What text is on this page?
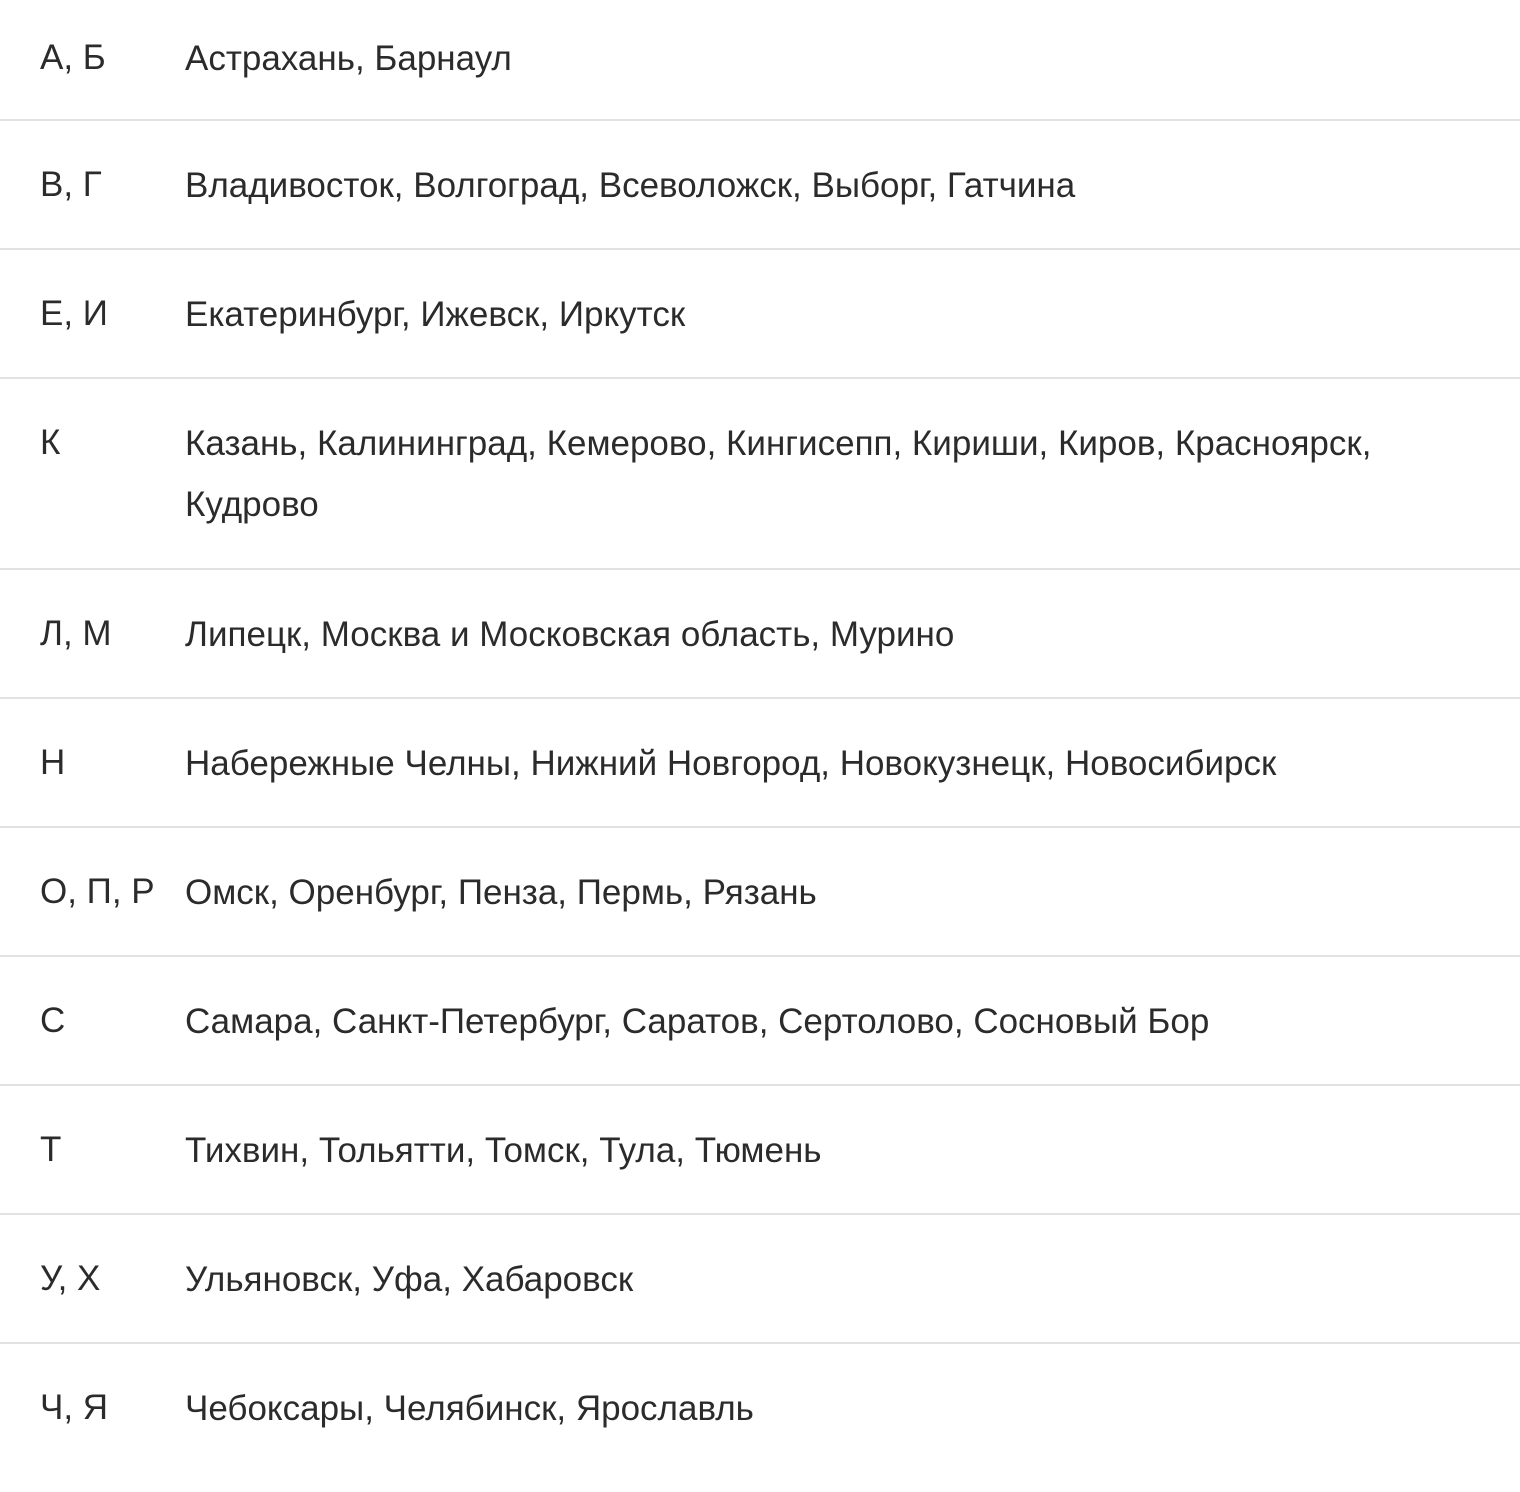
А, Б	Астрахань, Барнаул
В, Г	Владивосток, Волгоград, Всеволожск, Выборг, Гатчина
Е, И	Екатеринбург, Ижевск, Иркутск
К	Казань, Калининград, Кемерово, Кингисепп, Кириши, Киров, Красноярск, Кудрово
Л, М	Липецк, Москва и Московская область, Мурино
Н	Набережные Челны, Нижний Новгород, Новокузнецк, Новосибирск
О, П, Р Омск, Оренбург, Пенза, Пермь, Рязань
С	Самара, Санкт-Петербург, Саратов, Сертолово, Сосновый Бор
Т	Тихвин, Тольятти, Томск, Тула, Тюмень
У, Х	Ульяновск, Уфа, Хабаровск
Ч, Я	Чебоксары, Челябинск, Ярославль
